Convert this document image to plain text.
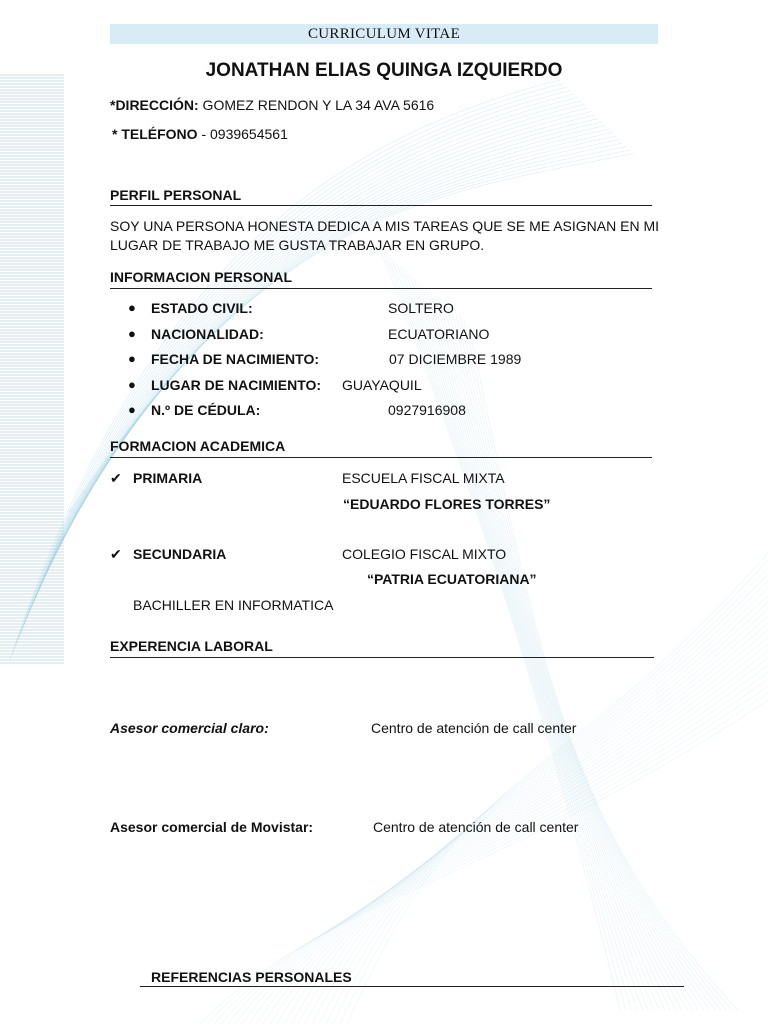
CURRICULUM VITAE
JONATHAN ELIAS QUINGA IZQUIERDO
*DIRECCIÓN: GOMEZ RENDON Y LA 34 AVA 5616
* TELÉFONO - 0939654561
PERFIL PERSONAL
SOY UNA PERSONA HONESTA DEDICA A MIS TAREAS QUE SE ME ASIGNAN EN MI LUGAR DE TRABAJO ME GUSTA TRABAJAR EN GRUPO.
INFORMACION PERSONAL
● ESTADO CIVIL:	SOLTERO
● NACIONALIDAD:	ECUATORIANO
● FECHA DE NACIMIENTO:	07 DICIEMBRE 1989
● LUGAR DE NACIMIENTO: GUAYAQUIL
● N.º DE CÉDULA:	0927916908
FORMACION ACADEMICA
✔ PRIMARIA	ESCUELA FISCAL MIXTA
“EDUARDO FLORES TORRES”
✔ SECUNDARIA	COLEGIO FISCAL MIXTO
“PATRIA ECUATORIANA”
BACHILLER EN INFORMATICA
EXPERENCIA LABORAL
Asesor comercial claro:	Centro de atención de call center
Asesor comercial de Movistar:	Centro de atención de call center
REFERENCIAS PERSONALES
